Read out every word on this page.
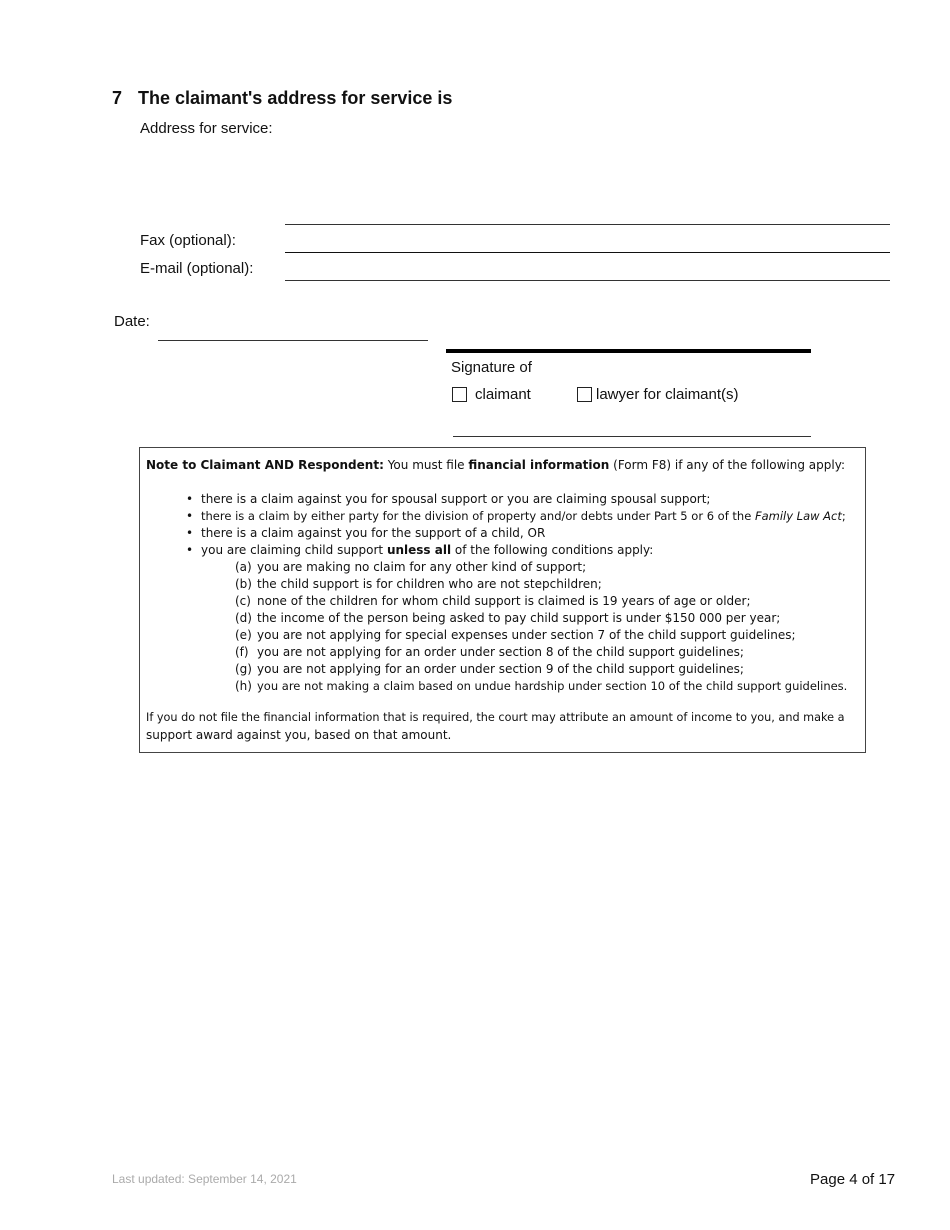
7 The claimant's address for service is
Address for service:
Fax (optional):
E-mail (optional):
Date:
Signature of
claimant	lawyer for claimant(s)
Note to Claimant AND Respondent: You must file financial information (Form F8) if any of the following apply:
• there is a claim against you for spousal support or you are claiming spousal support;
• there is a claim by either party for the division of property and/or debts under Part 5 or 6 of the Family Law Act;
• there is a claim against you for the support of a child, OR
• you are claiming child support unless all of the following conditions apply:
(a) you are making no claim for any other kind of support;
(b) the child support is for children who are not stepchildren;
(c) none of the children for whom child support is claimed is 19 years of age or older;
(d) the income of the person being asked to pay child support is under $150 000 per year;
(e) you are not applying for special expenses under section 7 of the child support guidelines;
(f) you are not applying for an order under section 8 of the child support guidelines;
(g) you are not applying for an order under section 9 of the child support guidelines;
(h) you are not making a claim based on undue hardship under section 10 of the child support guidelines.
If you do not file the financial information that is required, the court may attribute an amount of income to you, and make a
support award against you, based on that amount.
Last updated: September 14, 2021	Page 4 of 17
